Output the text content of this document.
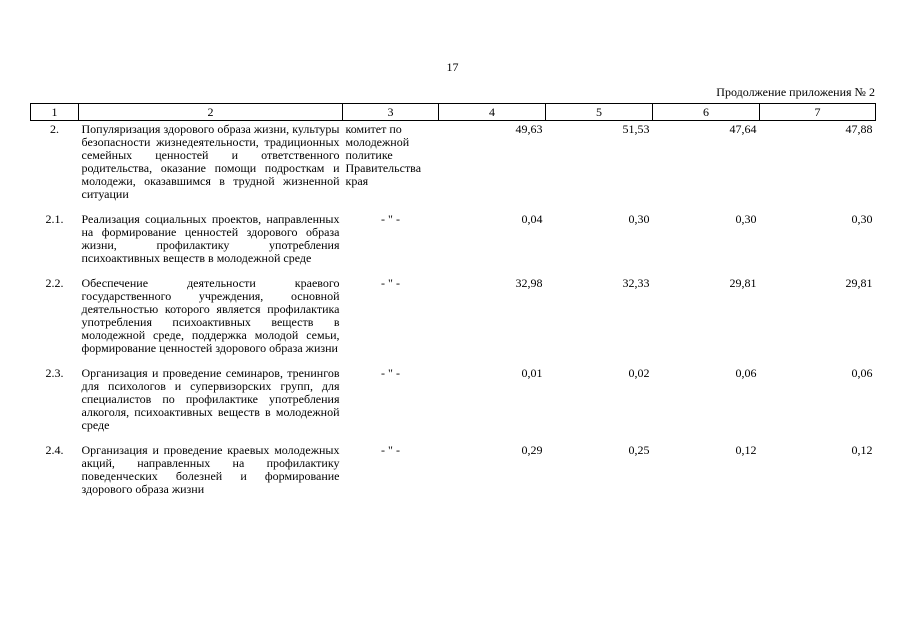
17
Продолжение приложения № 2
1	2	3	4	5	6	7
2.	Популяризация здорового образа жизни, культуры безопасности жизнедеятельности, традиционных семейных ценностей и ответственного родительства, оказание помощи подросткам и молодежи, оказавшимся в трудной жизненной ситуации	комитет по молодежной политике Правительства края	49,63	51,53	47,64	47,88
2.1.	Реализация социальных проектов, направленных на формирование ценностей здорового образа жизни, профилактику употребления психоактивных веществ в молодежной среде	- " -	0,04	0,30	0,30	0,30
2.2.	Обеспечение деятельности краевого государственного учреждения, основной деятельностью которого является профилактика употребления психоактивных веществ в молодежной среде, поддержка молодой семьи, формирование ценностей здорового образа жизни	- " -	32,98	32,33	29,81	29,81
2.3.	Организация и проведение семинаров, тренингов для психологов и супервизорских групп, для специалистов по профилактике употребления алкоголя, психоактивных веществ в молодежной среде	- " -	0,01	0,02	0,06	0,06
2.4.	Организация и проведение краевых молодежных акций, направленных на профилактику поведенческих болезней и формирование здорового образа жизни	- " -	0,29	0,25	0,12	0,12
